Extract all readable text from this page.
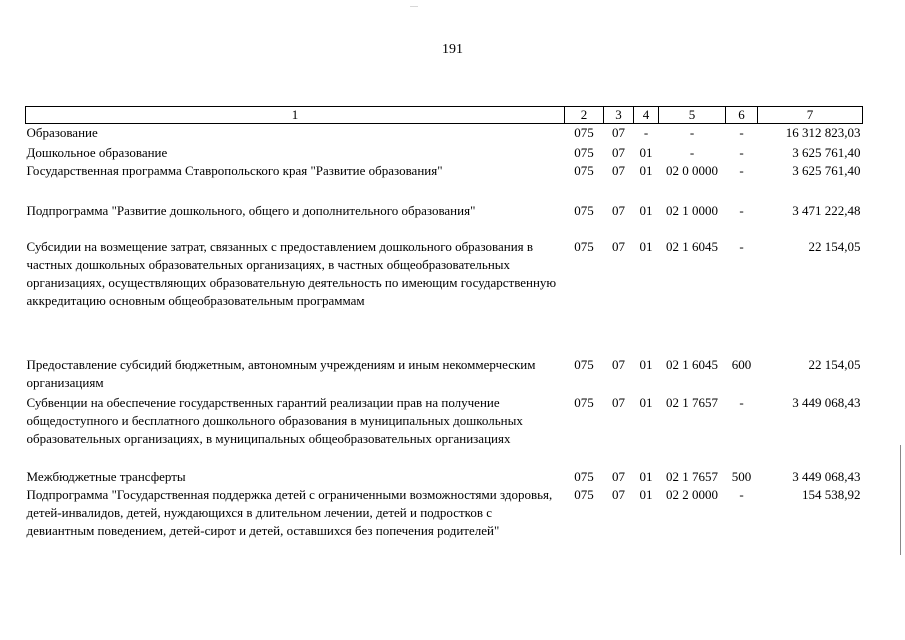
....
191
1	2	3	4	5	6	7
Образование	075	07	-	-	-	16 312 823,03
Дошкольное образование	075	07	01	-	-	3 625 761,40
Государственная программа Ставропольского края "Развитие образования"	075	07	01	02 0 0000	-	3 625 761,40
Подпрограмма "Развитие дошкольного, общего и дополнительного образования"	075	07	01	02 1 0000	-	3 471 222,48
Субсидии на возмещение затрат, связанных с предоставлением дошкольного образования в частных дошкольных образовательных организациях, в частных общеобразовательных организациях, осуществляющих образовательную деятельность по имеющим государственную аккредитацию основным общеобразовательным программам	075	07	01	02 1 6045	-	22 154,05
Предоставление субсидий бюджетным, автономным учреждениям и иным некоммерческим организациям	075	07	01	02 1 6045	600	22 154,05
Субвенции на обеспечение государственных гарантий реализации прав на получение общедоступного и бесплатного дошкольного образования в муниципальных дошкольных образовательных организациях, в муниципальных общеобразовательных организациях	075	07	01	02 1 7657	-	3 449 068,43
Межбюджетные трансферты	075	07	01	02 1 7657	500	3 449 068,43
Подпрограмма "Государственная поддержка детей с ограниченными возможностями здоровья, детей-инвалидов, детей, нуждающихся в длительном лечении, детей и подростков с девиантным поведением, детей-сирот и детей, оставшихся без попечения родителей"	075	07	01	02 2 0000	-	154 538,92
